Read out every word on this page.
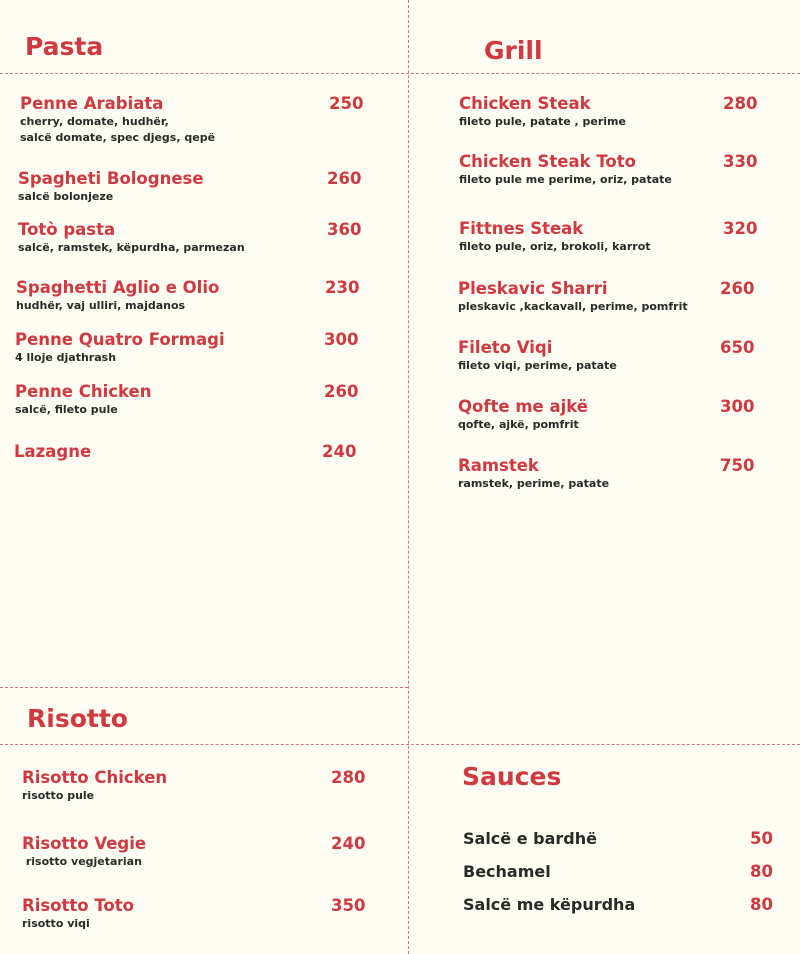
Pasta	Grill
Risotto
Sauces
Penne Arabiata
cherry, domate, hudhër,
salcë domate, spec djegs, qepë
250
Spagheti Bolognese
salcë bolonjeze
260
Totò pasta
salcë, ramstek, këpurdha, parmezan
360
Spaghetti Aglio e Olio
hudhër, vaj ulliri, majdanos
230
Penne Quatro Formagi
4 lloje djathrash
300
Penne Chicken
salcë, fileto pule
260
Lazagne	240
Chicken Steak
fileto pule, patate , perime
280
Chicken Steak Toto
fileto pule me perime, oriz, patate
330
Fittnes Steak
fileto pule, oriz, brokoli, karrot
320
Pleskavic Sharri
pleskavic ,kackavall, perime, pomfrit
260
Fileto Viqi
fileto viqi, perime, patate
650
Qofte me ajkë
qofte, ajkë, pomfrit
300
Ramstek
ramstek, perime, patate
750
Risotto Chicken
risotto pule
280
Risotto Vegie
risotto vegjetarian
240
Risotto Toto
risotto viqi
350
Salcë e bardhë	50
Bechamel	80
Salcë me këpurdha	80
